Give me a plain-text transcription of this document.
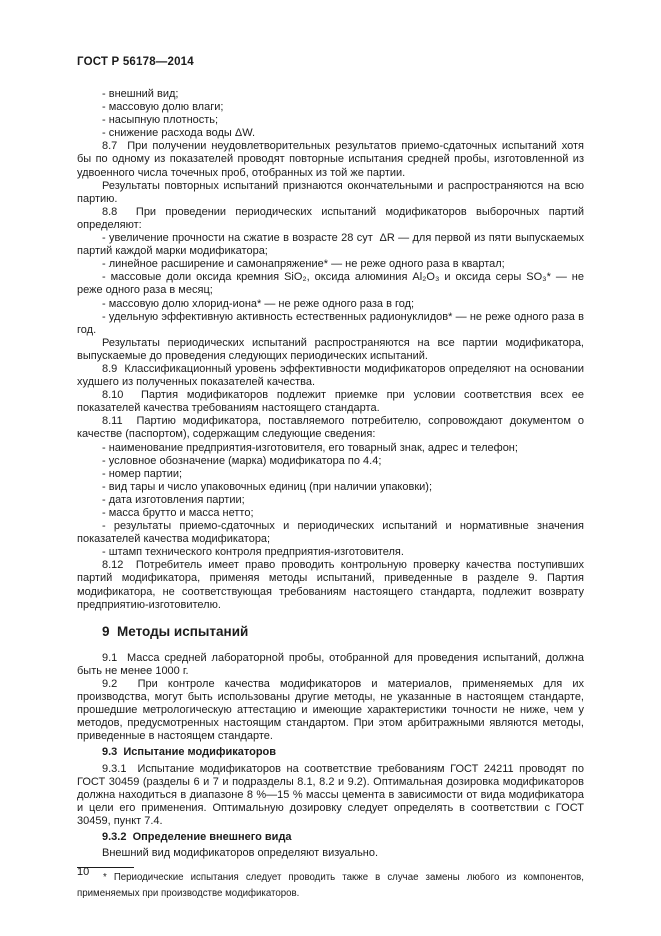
ГОСТ Р 56178—2014

- внешний вид;

- массовую долю влаги;

- насыпную плотность;

- снижение расхода воды ΔW.

8.7  При получении неудовлетворительных результатов приемо-сдаточных испытаний хотя бы по одному из показателей проводят повторные испытания средней пробы, изготовленной из удвоенного числа точечных проб, отобранных из той же партии.

Результаты повторных испытаний признаются окончательными и распространяются на всю партию.

8.8  При проведении периодических испытаний модификаторов выборочных партий определяют:

- увеличение прочности на сжатие в возрасте 28 сут  ΔR — для первой из пяти выпускаемых партий каждой марки модификатора;

- линейное расширение и самонапряжение* — не реже одного раза в квартал;

- массовые доли оксида кремния SiO₂, оксида алюминия Al₂O₃ и оксида серы SO₃* — не реже одного раза в месяц;

- массовую долю хлорид-иона* — не реже одного раза в год;

- удельную эффективную активность естественных радионуклидов* — не реже одного раза в год.

Результаты периодических испытаний распространяются на все партии модификатора, выпускаемые до проведения следующих периодических испытаний.

8.9  Классификационный уровень эффективности модификаторов определяют на основании худшего из полученных показателей качества.

8.10  Партия модификаторов подлежит приемке при условии соответствия всех ее показателей качества требованиям настоящего стандарта.

8.11  Партию модификатора, поставляемого потребителю, сопровождают документом о качестве (паспортом), содержащим следующие сведения:

- наименование предприятия-изготовителя, его товарный знак, адрес и телефон;

- условное обозначение (марка) модификатора по 4.4;

- номер партии;

- вид тары и число упаковочных единиц (при наличии упаковки);

- дата изготовления партии;

- масса брутто и масса нетто;

- результаты приемо-сдаточных и периодических испытаний и нормативные значения показателей качества модификатора;

- штамп технического контроля предприятия-изготовителя.

8.12  Потребитель имеет право проводить контрольную проверку качества поступивших партий модификатора, применяя методы испытаний, приведенные в разделе 9. Партия модификатора, не соответствующая требованиям настоящего стандарта, подлежит возврату предприятию-изготовителю.

9  Методы испытаний

9.1  Масса средней лабораторной пробы, отобранной для проведения испытаний, должна быть не менее 1000 г.

9.2  При контроле качества модификаторов и материалов, применяемых для их производства, могут быть использованы другие методы, не указанные в настоящем стандарте, прошедшие метрологическую аттестацию и имеющие характеристики точности не ниже, чем у методов, предусмотренных настоящим стандартом. При этом арбитражными являются методы, приведенные в настоящем стандарте.

9.3  Испытание модификаторов

9.3.1  Испытание модификаторов на соответствие требованиям ГОСТ 24211 проводят по ГОСТ 30459 (разделы 6 и 7 и подразделы 8.1, 8.2 и 9.2). Оптимальная дозировка модификаторов должна находиться в диапазоне 8 %—15 % массы цемента в зависимости от вида модификатора и цели его применения. Оптимальную дозировку следует определять в соответствии с ГОСТ 30459, пункт 7.4.

9.3.2  Определение внешнего вида

Внешний вид модификаторов определяют визуально.

* Периодические испытания следует проводить также в случае замены любого из компонентов, применяемых при производстве модификаторов.
10
